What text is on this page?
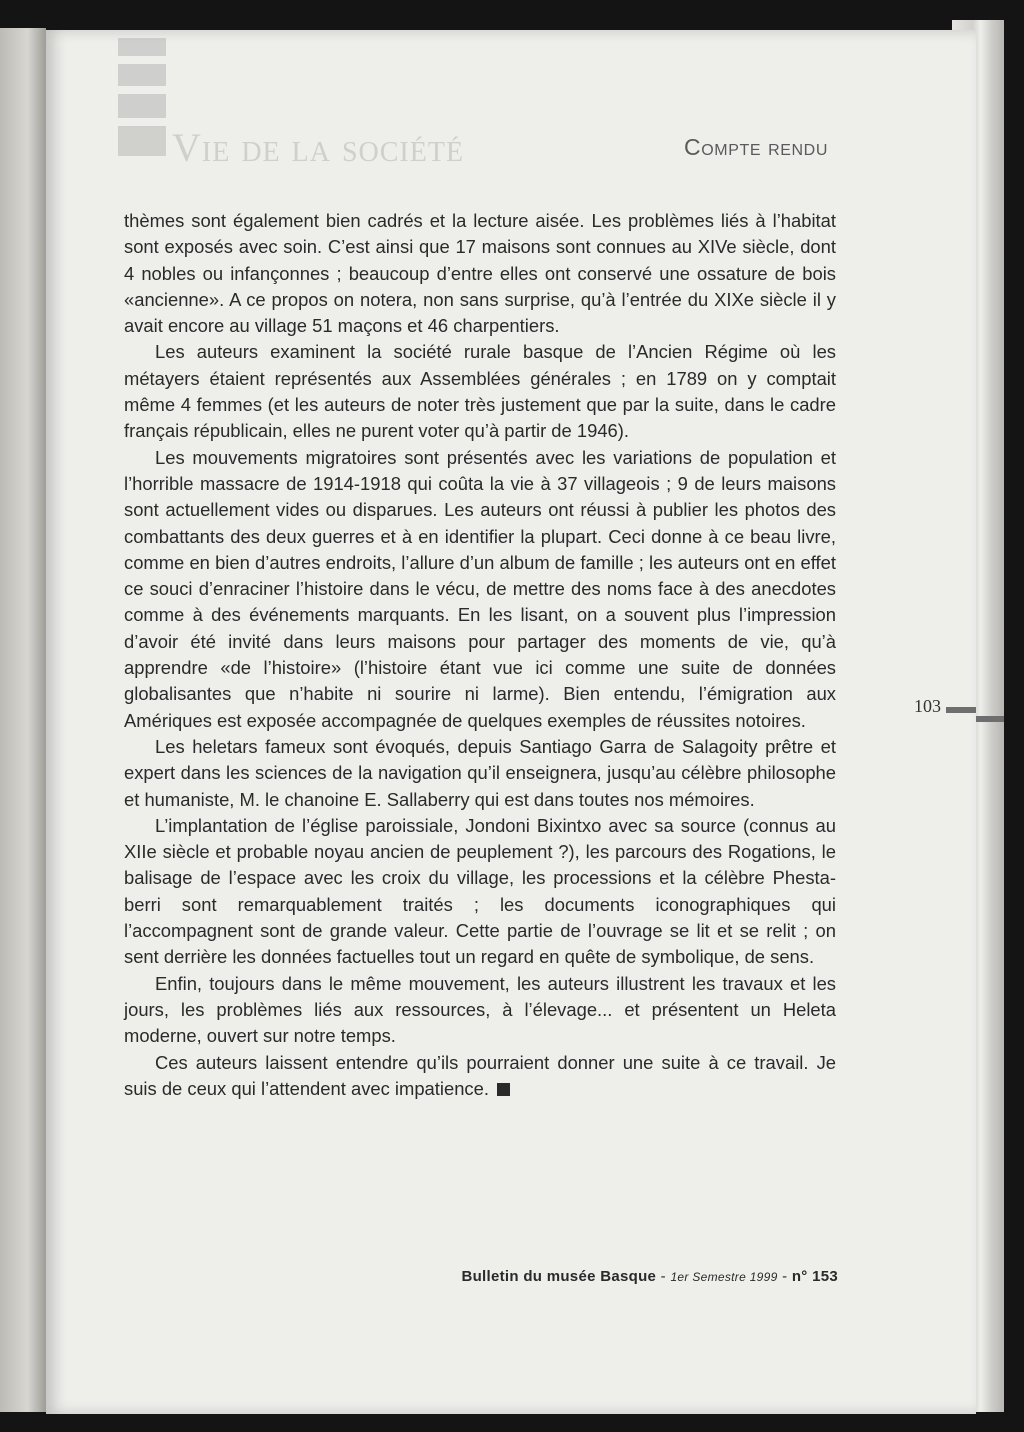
Vie de la société	Compte rendu

thèmes sont également bien cadrés et la lecture aisée. Les problèmes liés à l’habitat sont exposés avec soin. C’est ainsi que 17 maisons sont connues au XIVe siècle, dont 4 nobles ou infançonnes ; beaucoup d’entre elles ont conservé une ossature de bois «ancienne». A ce propos on notera, non sans surprise, qu’à l’entrée du XIXe siècle il y avait encore au village 51 maçons et 46 charpentiers.

Les auteurs examinent la société rurale basque de l’Ancien Régime où les métayers étaient représentés aux Assemblées générales ; en 1789 on y comptait même 4 femmes (et les auteurs de noter très justement que par la suite, dans le cadre français républicain, elles ne purent voter qu’à partir de 1946).

Les mouvements migratoires sont présentés avec les variations de population et l’horrible massacre de 1914-1918 qui coûta la vie à 37 villageois ; 9 de leurs maisons sont actuellement vides ou disparues. Les auteurs ont réussi à publier les photos des combattants des deux guerres et à en identifier la plupart. Ceci donne à ce beau livre, comme en bien d’autres endroits, l’allure d’un album de famille ; les auteurs ont en effet ce souci d’enraciner l’histoire dans le vécu, de mettre des noms face à des anecdotes comme à des événements marquants. En les lisant, on a souvent plus l’impression d’avoir été invité dans leurs maisons pour partager des moments de vie, qu’à apprendre «de l’histoire» (l’histoire étant vue ici comme une suite de données globalisantes que n’habite ni sourire ni larme). Bien entendu, l’émigration aux Amériques est exposée accompagnée de quelques exemples de réussites notoires.

Les heletars fameux sont évoqués, depuis Santiago Garra de Salagoity prêtre et expert dans les sciences de la navigation qu’il enseignera, jusqu’au célèbre philosophe et humaniste, M. le chanoine E. Sallaberry qui est dans toutes nos mémoires.

L’implantation de l’église paroissiale, Jondoni Bixintxo avec sa source (connus au XIIe siècle et probable noyau ancien de peuplement ?), les parcours des Rogations, le balisage de l’espace avec les croix du village, les processions et la célèbre Phesta-berri sont remarquablement traités ; les documents iconographiques qui l’accompagnent sont de grande valeur. Cette partie de l’ouvrage se lit et se relit ; on sent derrière les données factuelles tout un regard en quête de symbolique, de sens.

Enfin, toujours dans le même mouvement, les auteurs illustrent les travaux et les jours, les problèmes liés aux ressources, à l’élevage... et présentent un Heleta moderne, ouvert sur notre temps.

Ces auteurs laissent entendre qu’ils pourraient donner une suite à ce travail. Je suis de ceux qui l’attendent avec impatience.

103
Bulletin du musée Basque - 1er Semestre 1999 - n° 153
